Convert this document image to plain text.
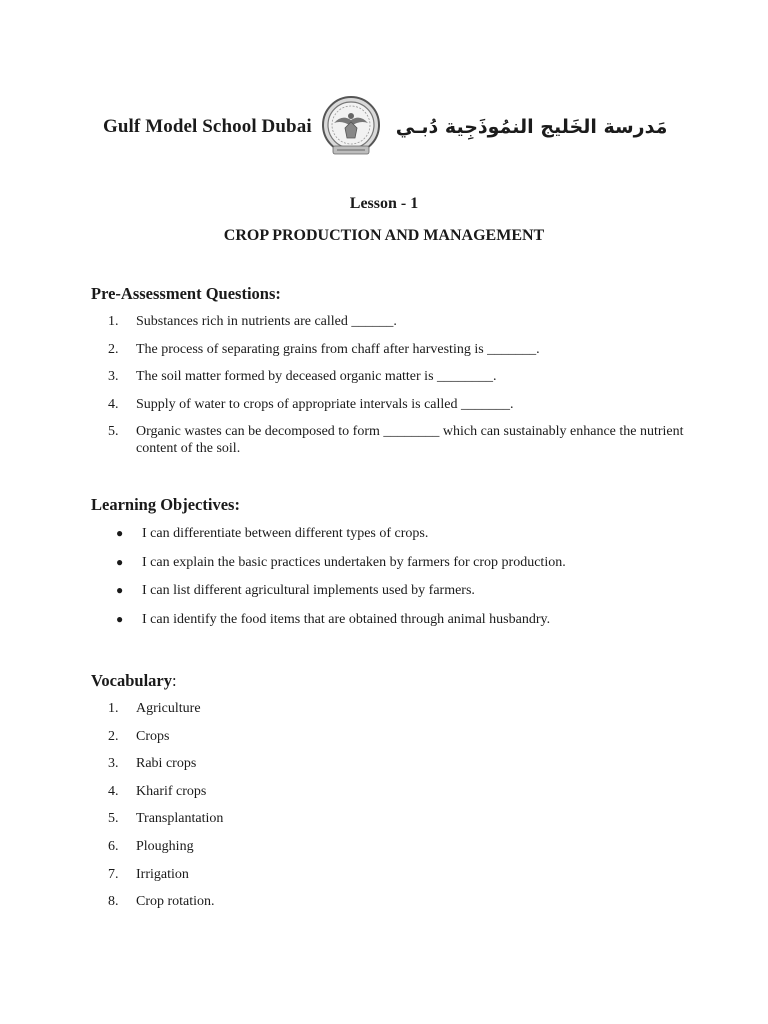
Gulf Model School Dubai	مَدرسة الخَليج النمُوذَجِية دُبـي
Lesson - 1
CROP PRODUCTION AND MANAGEMENT
Pre-Assessment Questions:
1.	Substances rich in nutrients are called ______.
2.	The process of separating grains from chaff after harvesting is _______.
3.	The soil matter formed by deceased organic matter is ________.
4.	Supply of water to crops of appropriate intervals is called _______.
5.	Organic wastes can be decomposed to form ________ which can sustainably enhance the nutrient content of the soil.
Learning Objectives:
●	I can differentiate between different types of crops.
●	I can explain the basic practices undertaken by farmers for crop production.
●	I can list different agricultural implements used by farmers.
●	I can identify the food items that are obtained through animal husbandry.
Vocabulary:
1.	Agriculture
2.	Crops
3.	Rabi crops
4.	Kharif crops
5.	Transplantation
6.	Ploughing
7.	Irrigation
8.	Crop rotation.
